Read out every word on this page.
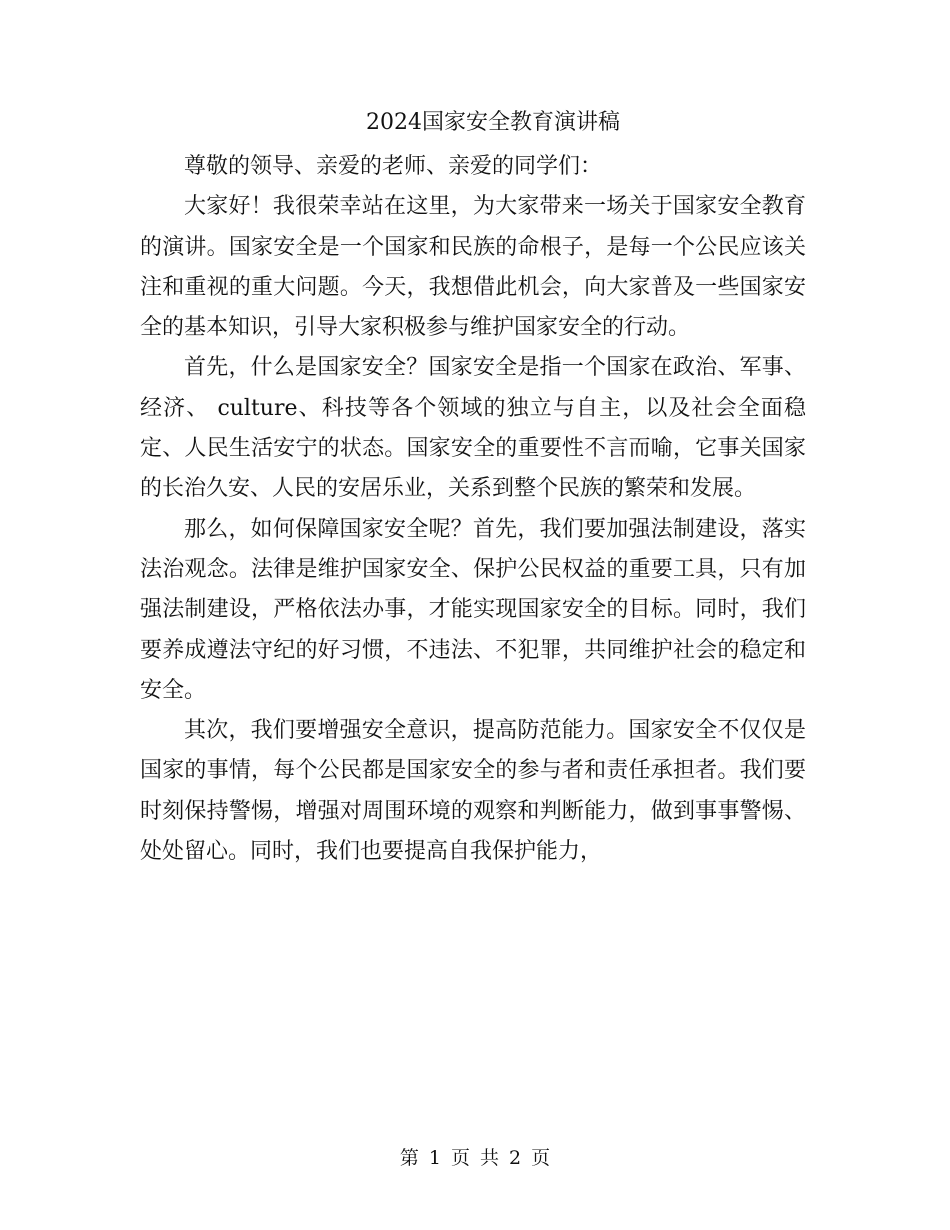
2024国家安全教育演讲稿

尊敬的领导、亲爱的老师、亲爱的同学们：

大家好！我很荣幸站在这里，为大家带来一场关于国家安全教育的演讲。国家安全是一个国家和民族的命根子，是每一个公民应该关注和重视的重大问题。今天，我想借此机会，向大家普及一些国家安全的基本知识，引导大家积极参与维护国家安全的行动。

首先，什么是国家安全？国家安全是指一个国家在政治、军事、经济、 culture、科技等各个领域的独立与自主，以及社会全面稳定、人民生活安宁的状态。国家安全的重要性不言而喻，它事关国家的长治久安、人民的安居乐业，关系到整个民族的繁荣和发展。

那么，如何保障国家安全呢？首先，我们要加强法制建设，落实法治观念。法律是维护国家安全、保护公民权益的重要工具，只有加强法制建设，严格依法办事，才能实现国家安全的目标。同时，我们要养成遵法守纪的好习惯，不违法、不犯罪，共同维护社会的稳定和安全。

其次，我们要增强安全意识，提高防范能力。国家安全不仅仅是国家的事情，每个公民都是国家安全的参与者和责任承担者。我们要时刻保持警惕，增强对周围环境的观察和判断能力，做到事事警惕、处处留心。同时，我们也要提高自我保护能力，

第 1 页 共 2 页
